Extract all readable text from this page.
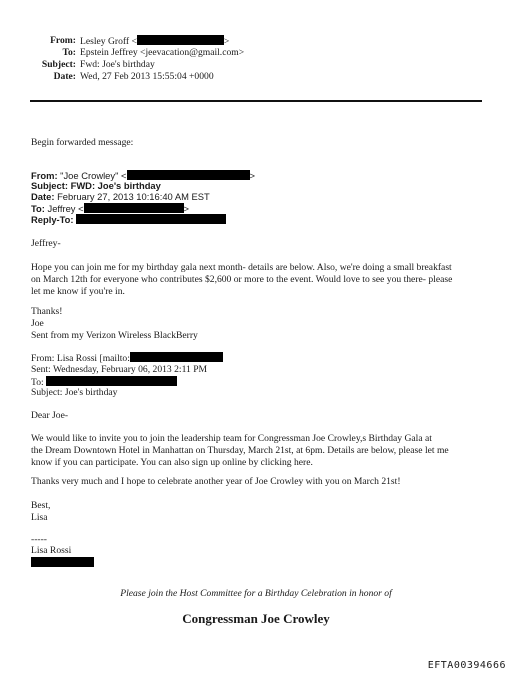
From: Lesley Groff <	>
To: Epstein Jeffrey <jeevacation@gmail.com>
Subject: Fwd: Joe's birthday
Date: Wed, 27 Feb 2013 15:55:04 +0000
Begin forwarded message:
From: "Joe Crowley" <	>
Subject: FWD: Joe's birthday
Date: February 27, 2013 10:16:40 AM EST
To: Jeffrey <	>
Reply-To:
Jeffrey-
Hope you can join me for my birthday gala next month- details are below. Also, we're doing a small breakfast
on March 12th for everyone who contributes $2,600 or more to the event. Would love to see you there- please
let me know if you're in.
Thanks!
Joe
Sent from my Verizon Wireless BlackBerry
From: Lisa Rossi [mailto:
Sent: Wednesday, February 06, 2013 2:11 PM
To:
Subject: Joe's birthday
Dear Joe-
We would like to invite you to join the leadership team for Congressman Joe Crowley,s Birthday Gala at
the Dream Downtown Hotel in Manhattan on Thursday, March 21st, at 6pm. Details are below, please let me
know if you can participate. You can also sign up online by clicking here.
Thanks very much and I hope to celebrate another year of Joe Crowley with you on March 21st!
Best,
Lisa
-----
Lisa Rossi
Please join the Host Committee for a Birthday Celebration in honor of
Congressman Joe Crowley
EFTA00394666
